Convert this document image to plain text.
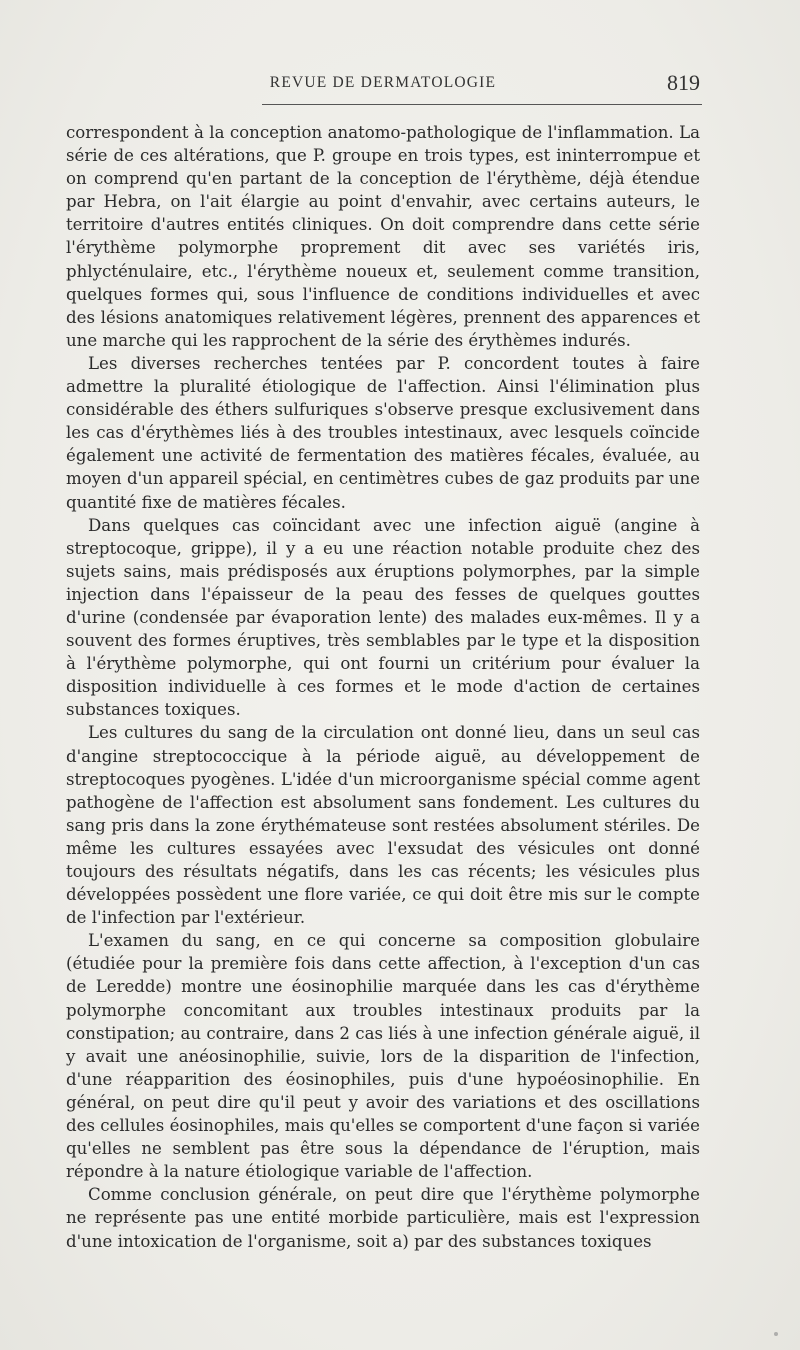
REVUE DE DERMATOLOGIE	819

correspondent à la conception anatomo-pathologique de l'inflammation. La série de ces altérations, que P. groupe en trois types, est ininterrompue et on comprend qu'en partant de la conception de l'érythème, déjà étendue par Hebra, on l'ait élargie au point d'envahir, avec certains auteurs, le territoire d'autres entités cliniques. On doit comprendre dans cette série l'érythème polymorphe proprement dit avec ses variétés iris, phlycténulaire, etc., l'érythème noueux et, seulement comme transition, quelques formes qui, sous l'influence de conditions individuelles et avec des lésions anatomiques relativement légères, prennent des apparences et une marche qui les rapprochent de la série des érythèmes indurés.

Les diverses recherches tentées par P. concordent toutes à faire admettre la pluralité étiologique de l'affection. Ainsi l'élimination plus considérable des éthers sulfuriques s'observe presque exclusivement dans les cas d'érythèmes liés à des troubles intestinaux, avec lesquels coïncide également une activité de fermentation des matières fécales, évaluée, au moyen d'un appareil spécial, en centimètres cubes de gaz produits par une quantité fixe de matières fécales.

Dans quelques cas coïncidant avec une infection aiguë (angine à streptocoque, grippe), il y a eu une réaction notable produite chez des sujets sains, mais prédisposés aux éruptions polymorphes, par la simple injection dans l'épaisseur de la peau des fesses de quelques gouttes d'urine (condensée par évaporation lente) des malades eux-mêmes. Il y a souvent des formes éruptives, très semblables par le type et la disposition à l'érythème polymorphe, qui ont fourni un critérium pour évaluer la disposition individuelle à ces formes et le mode d'action de certaines substances toxiques.

Les cultures du sang de la circulation ont donné lieu, dans un seul cas d'angine streptococcique à la période aiguë, au développement de streptocoques pyogènes. L'idée d'un microorganisme spécial comme agent pathogène de l'affection est absolument sans fondement. Les cultures du sang pris dans la zone érythémateuse sont restées absolument stériles. De même les cultures essayées avec l'exsudat des vésicules ont donné toujours des résultats négatifs, dans les cas récents; les vésicules plus développées possèdent une flore variée, ce qui doit être mis sur le compte de l'infection par l'extérieur.

L'examen du sang, en ce qui concerne sa composition globulaire (étudiée pour la première fois dans cette affection, à l'exception d'un cas de Leredde) montre une éosinophilie marquée dans les cas d'érythème polymorphe concomitant aux troubles intestinaux produits par la constipation; au contraire, dans 2 cas liés à une infection générale aiguë, il y avait une anéosinophilie, suivie, lors de la disparition de l'infection, d'une réapparition des éosinophiles, puis d'une hypoéosinophilie. En général, on peut dire qu'il peut y avoir des variations et des oscillations des cellules éosinophiles, mais qu'elles se comportent d'une façon si variée qu'elles ne semblent pas être sous la dépendance de l'éruption, mais répondre à la nature étiologique variable de l'affection.

Comme conclusion générale, on peut dire que l'érythème polymorphe ne représente pas une entité morbide particulière, mais est l'expression d'une intoxication de l'organisme, soit a) par des substances toxiques
